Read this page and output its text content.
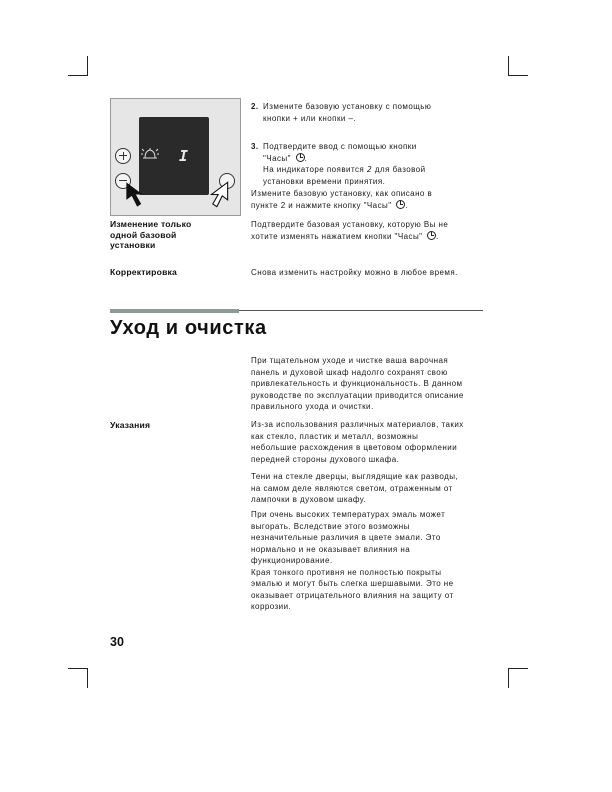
I
2. Измените базовую установку с помощью
кнопки + или кнопки –.
3. Подтвердите ввод с помощью кнопки
"Часы" .
На индикаторе появится 2 для базовой
установки времени принятия.
Измените базовую установку, как описано в
пункте 2 и нажмите кнопку "Часы" .
Изменение только
одной базовой
установки
Подтвердите базовая установку, которую Вы не
хотите изменять нажатием кнопки "Часы" .
Корректировка	Снова изменить настройку можно в любое время.
Уход и очистка
При тщательном уходе и чистке ваша варочная
панель и духовой шкаф надолго сохранят свою
привлекательность и функциональность. В данном
руководстве по эксплуатации приводится описание
правильного ухода и очистки.
Указания	Из-за использования различных материалов, таких
как стекло, пластик и металл, возможны
небольшие расхождения в цветовом оформлении
передней стороны духового шкафа.
Тени на стекле дверцы, выглядящие как разводы,
на самом деле являются светом, отраженным от
лампочки в духовом шкафу.
При очень высоких температурах эмаль может
выгорать. Вследствие этого возможны
незначительные различия в цвете эмали. Это
нормально и не оказывает влияния на
функционирование.
Края тонкого противня не полностью покрыты
эмалью и могут быть слегка шершавыми. Это не
оказывает отрицательного влияния на защиту от
коррозии.
30
